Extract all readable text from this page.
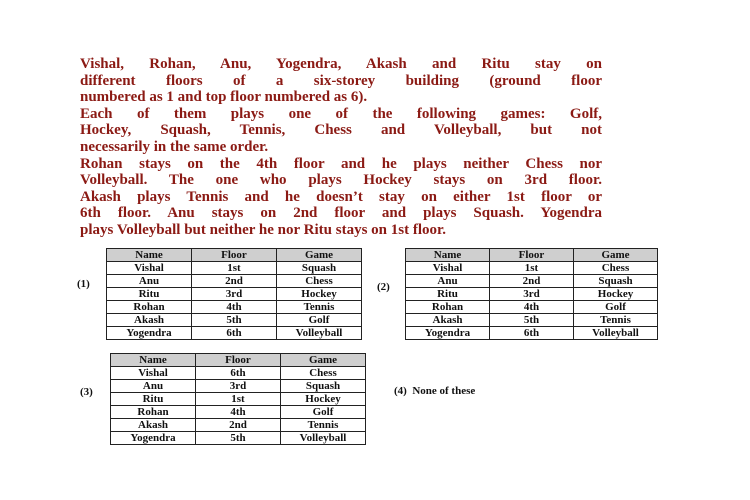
Vishal, Rohan, Anu, Yogendra, Akash and Ritu stay on

different floors of a six-storey building (ground floor

numbered as 1 and top floor numbered as 6).

Each of them plays one of the following games: Golf,

Hockey, Squash, Tennis, Chess and Volleyball, but not

necessarily in the same order.

Rohan stays on the 4th floor and he plays neither Chess nor

Volleyball. The one who plays Hockey stays on 3rd floor.

Akash plays Tennis and he doesn’t stay on either 1st floor or

6th floor. Anu stays on 2nd floor and plays Squash. Yogendra

plays Volleyball but neither he nor Ritu stays on 1st floor.

(1)
Name	Floor	Game
Vishal	1st	Squash
Anu	2nd	Chess
Ritu	3rd	Hockey
Rohan	4th	Tennis
Akash	5th	Golf
Yogendra	6th	Volleyball
(2)
Name	Floor	Game
Vishal	1st	Chess
Anu	2nd	Squash
Ritu	3rd	Hockey
Rohan	4th	Golf
Akash	5th	Tennis
Yogendra	6th	Volleyball
(3)
Name	Floor	Game
Vishal	6th	Chess
Anu	3rd	Squash
Ritu	1st	Hockey
Rohan	4th	Golf
Akash	2nd	Tennis
Yogendra	5th	Volleyball
(4) None of these
